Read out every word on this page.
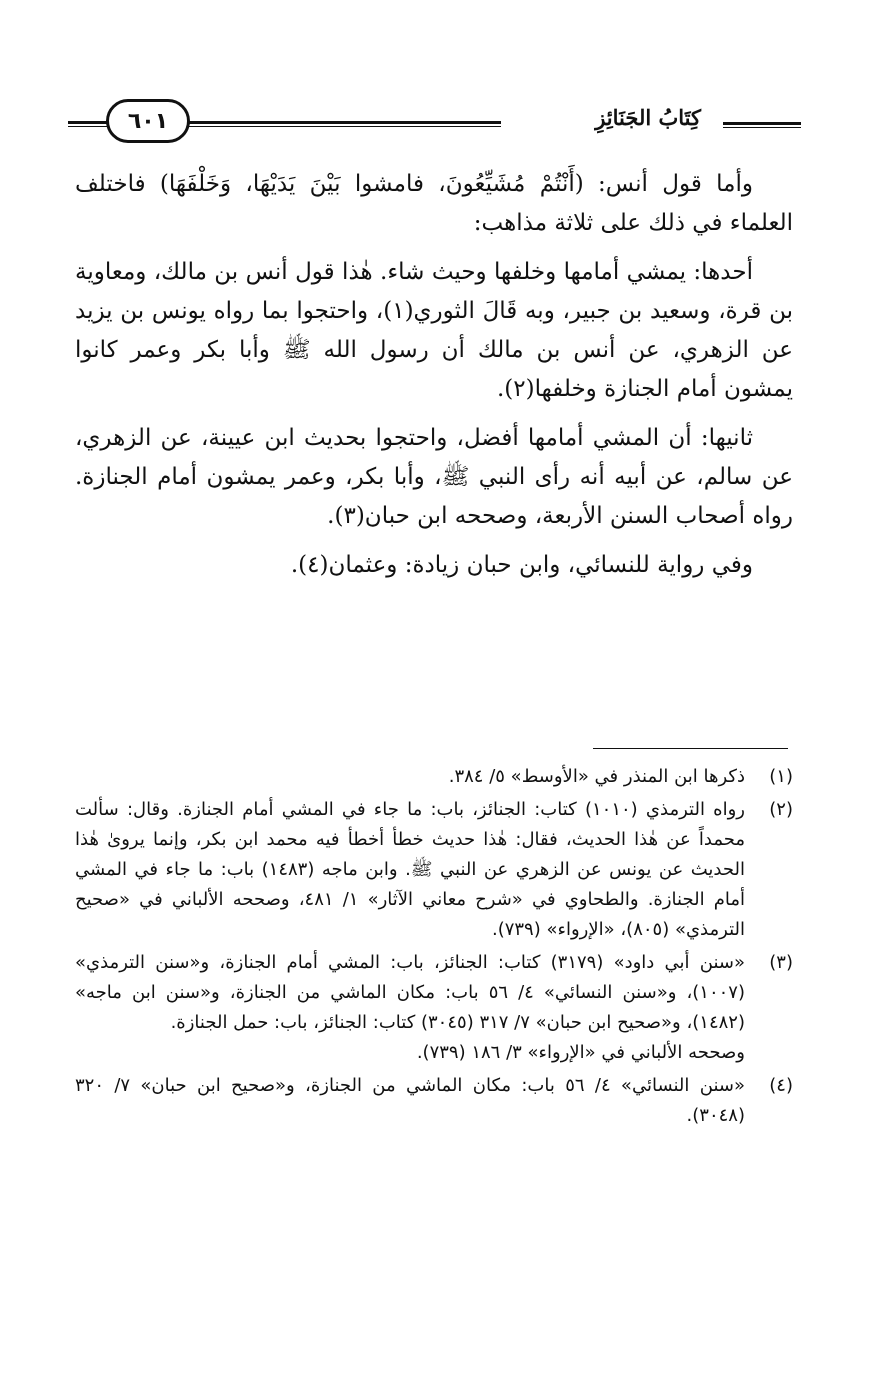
كِتَابُ الجَنَائِزِ
٦٠١

وأما قول أنس: (أَنْتُمْ مُشَيِّعُونَ، فامشوا بَيْنَ يَدَيْهَا، وَخَلْفَهَا) فاختلف العلماء في ذلك على ثلاثة مذاهب:

أحدها: يمشي أمامها وخلفها وحيث شاء. هٰذا قول أنس بن مالك، ومعاوية بن قرة، وسعيد بن جبير، وبه قَالَ الثوري(١)، واحتجوا بما رواه يونس بن يزيد عن الزهري، عن أنس بن مالك أن رسول الله ﷺ وأبا بكر وعمر كانوا يمشون أمام الجنازة وخلفها(٢).

ثانيها: أن المشي أمامها أفضل، واحتجوا بحديث ابن عيينة، عن الزهري، عن سالم، عن أبيه أنه رأى النبي ﷺ، وأبا بكر، وعمر يمشون أمام الجنازة. رواه أصحاب السنن الأربعة، وصححه ابن حبان(٣).

وفي رواية للنسائي، وابن حبان زيادة: وعثمان(٤).

(١)
ذكرها ابن المنذر في «الأوسط» ٥/ ٣٨٤.
(٢)
رواه الترمذي (١٠١٠) كتاب: الجنائز، باب: ما جاء في المشي أمام الجنازة. وقال: سألت محمداً عن هٰذا الحديث، فقال: هٰذا حديث خطأ أخطأ فيه محمد ابن بكر، وإنما يروىٰ هٰذا الحديث عن يونس عن الزهري عن النبي ﷺ. وابن ماجه (١٤٨٣) باب: ما جاء في المشي أمام الجنازة. والطحاوي في «شرح معاني الآثار» ١/ ٤٨١، وصححه الألباني في «صحيح الترمذي» (٨٠٥)، «الإرواء» (٧٣٩).
(٣)
«سنن أبي داود» (٣١٧٩) كتاب: الجنائز، باب: المشي أمام الجنازة، و«سنن الترمذي» (١٠٠٧)، و«سنن النسائي» ٤/ ٥٦ باب: مكان الماشي من الجنازة، و«سنن ابن ماجه» (١٤٨٢)، و«صحيح ابن حبان» ٧/ ٣١٧ (٣٠٤٥) كتاب: الجنائز، باب: حمل الجنازة.
وصححه الألباني في «الإرواء» ٣/ ١٨٦ (٧٣٩).
(٤)
«سنن النسائي» ٤/ ٥٦ باب: مكان الماشي من الجنازة، و«صحيح ابن حبان» ٧/ ٣٢٠ (٣٠٤٨).
